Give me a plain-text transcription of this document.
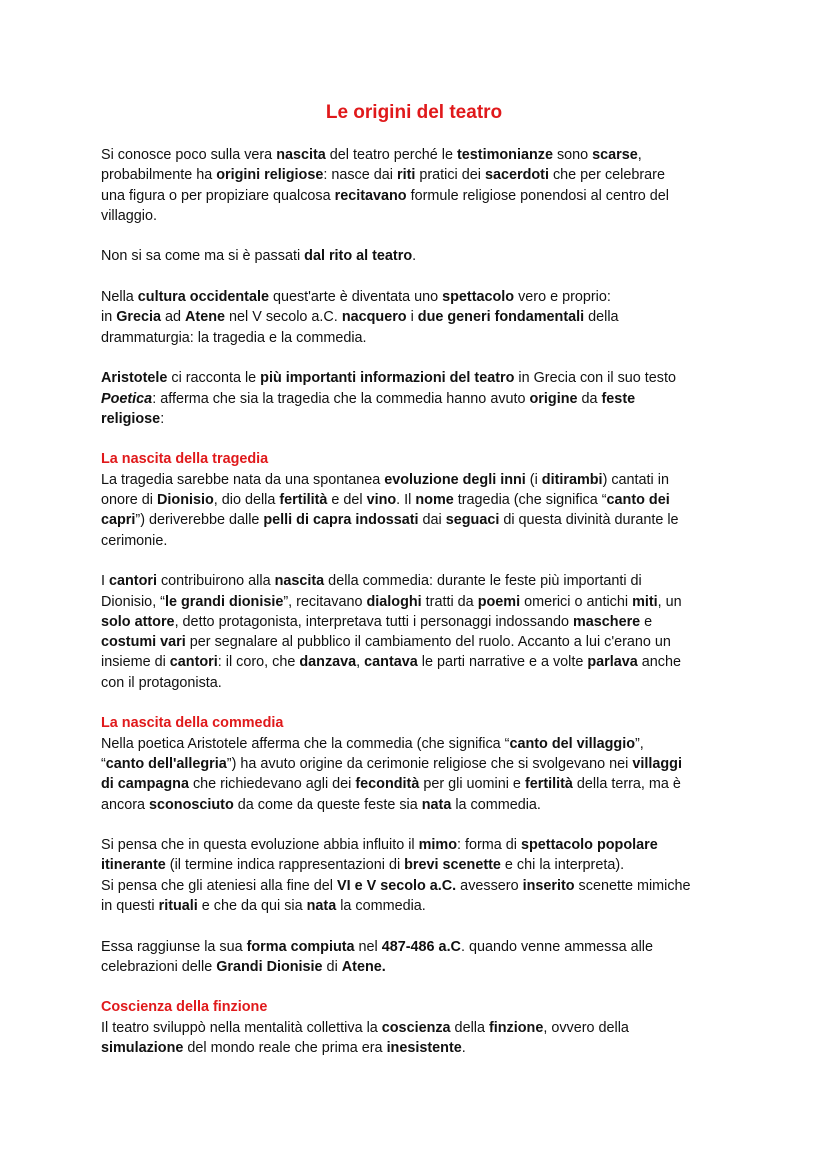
Le origini del teatro

Si conosce poco sulla vera nascita del teatro perché le testimonianze sono scarse,
probabilmente ha origini religiose: nasce dai riti pratici dei sacerdoti che per celebrare
una figura o per propiziare qualcosa recitavano formule religiose ponendosi al centro del
villaggio.

Non si sa come ma si è passati dal rito al teatro.

Nella cultura occidentale quest'arte è diventata uno spettacolo vero e proprio:
in Grecia ad Atene nel V secolo a.C. nacquero i due generi fondamentali della
drammaturgia: la tragedia e la commedia.

Aristotele ci racconta le più importanti informazioni del teatro in Grecia con il suo testo
Poetica: afferma che sia la tragedia che la commedia hanno avuto origine da feste
religiose:

La nascita della tragedia

La tragedia sarebbe nata da una spontanea evoluzione degli inni (i ditirambi) cantati in
onore di Dionisio, dio della fertilità e del vino. Il nome tragedia (che significa “canto dei
capri”) deriverebbe dalle pelli di capra indossati dai seguaci di questa divinità durante le
cerimonie.

I cantori contribuirono alla nascita della commedia: durante le feste più importanti di
Dionisio, “le grandi dionisie”, recitavano dialoghi tratti da poemi omerici o antichi miti, un
solo attore, detto protagonista, interpretava tutti i personaggi indossando maschere e
costumi vari per segnalare al pubblico il cambiamento del ruolo. Accanto a lui c'erano un
insieme di cantori: il coro, che danzava, cantava le parti narrative e a volte parlava anche
con il protagonista.

La nascita della commedia

Nella poetica Aristotele afferma che la commedia (che significa “canto del villaggio”,
“canto dell'allegria”) ha avuto origine da cerimonie religiose che si svolgevano nei villaggi
di campagna che richiedevano agli dei fecondità per gli uomini e fertilità della terra, ma è
ancora sconosciuto da come da queste feste sia nata la commedia.

Si pensa che in questa evoluzione abbia influito il mimo: forma di spettacolo popolare
itinerante (il termine indica rappresentazioni di brevi scenette e chi la interpreta).
Si pensa che gli ateniesi alla fine del VI e V secolo a.C. avessero inserito scenette mimiche
in questi rituali e che da qui sia nata la commedia.

Essa raggiunse la sua forma compiuta nel 487-486 a.C. quando venne ammessa alle
celebrazioni delle Grandi Dionisie di Atene.

Coscienza della finzione

Il teatro sviluppò nella mentalità collettiva la coscienza della finzione, ovvero della
simulazione del mondo reale che prima era inesistente.
